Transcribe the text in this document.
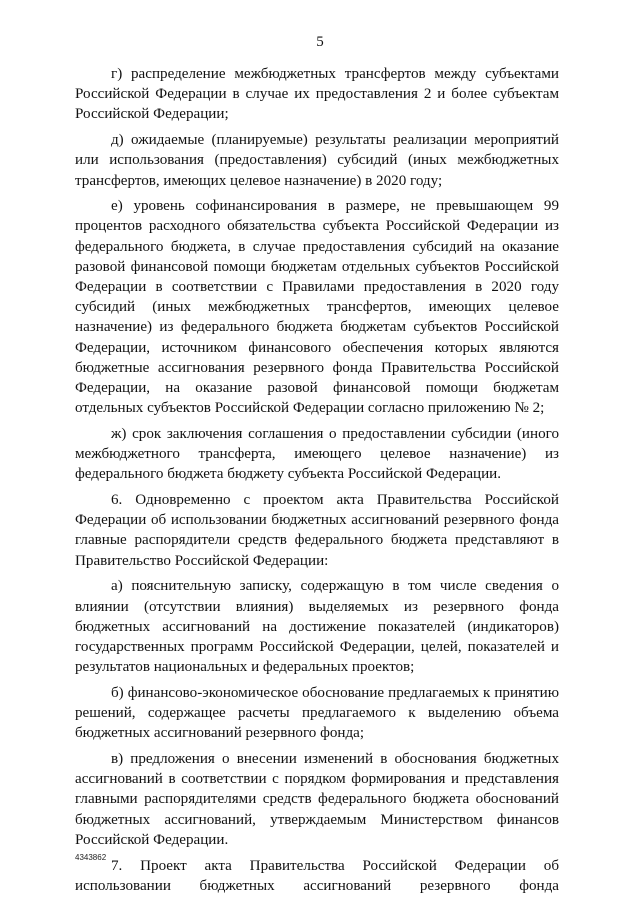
5

г) распределение межбюджетных трансфертов между субъектами Российской Федерации в случае их предоставления 2 и более субъектам Российской Федерации;

д) ожидаемые (планируемые) результаты реализации мероприятий или использования (предоставления) субсидий (иных межбюджетных трансфертов, имеющих целевое назначение) в 2020 году;

е) уровень софинансирования в размере, не превышающем 99 процентов расходного обязательства субъекта Российской Федерации из федерального бюджета, в случае предоставления субсидий на оказание разовой финансовой помощи бюджетам отдельных субъектов Российской Федерации в соответствии с Правилами предоставления в 2020 году субсидий (иных межбюджетных трансфертов, имеющих целевое назначение) из федерального бюджета бюджетам субъектов Российской Федерации, источником финансового обеспечения которых являются бюджетные ассигнования резервного фонда Правительства Российской Федерации, на оказание разовой финансовой помощи бюджетам отдельных субъектов Российской Федерации согласно приложению № 2;

ж) срок заключения соглашения о предоставлении субсидии (иного межбюджетного трансферта, имеющего целевое назначение) из федерального бюджета бюджету субъекта Российской Федерации.

6. Одновременно с проектом акта Правительства Российской Федерации об использовании бюджетных ассигнований резервного фонда главные распорядители средств федерального бюджета представляют в Правительство Российской Федерации:

а) пояснительную записку, содержащую в том числе сведения о влиянии (отсутствии влияния) выделяемых из резервного фонда бюджетных ассигнований на достижение показателей (индикаторов) государственных программ Российской Федерации, целей, показателей и результатов национальных и федеральных проектов;

б) финансово-экономическое обоснование предлагаемых к принятию решений, содержащее расчеты предлагаемого к выделению объема бюджетных ассигнований резервного фонда;

в) предложения о внесении изменений в обоснования бюджетных ассигнований в соответствии с порядком формирования и представления главными распорядителями средств федерального бюджета обоснований бюджетных ассигнований, утверждаемым Министерством финансов Российской Федерации.

7. Проект акта Правительства Российской Федерации об использовании бюджетных ассигнований резервного фонда

4343862
